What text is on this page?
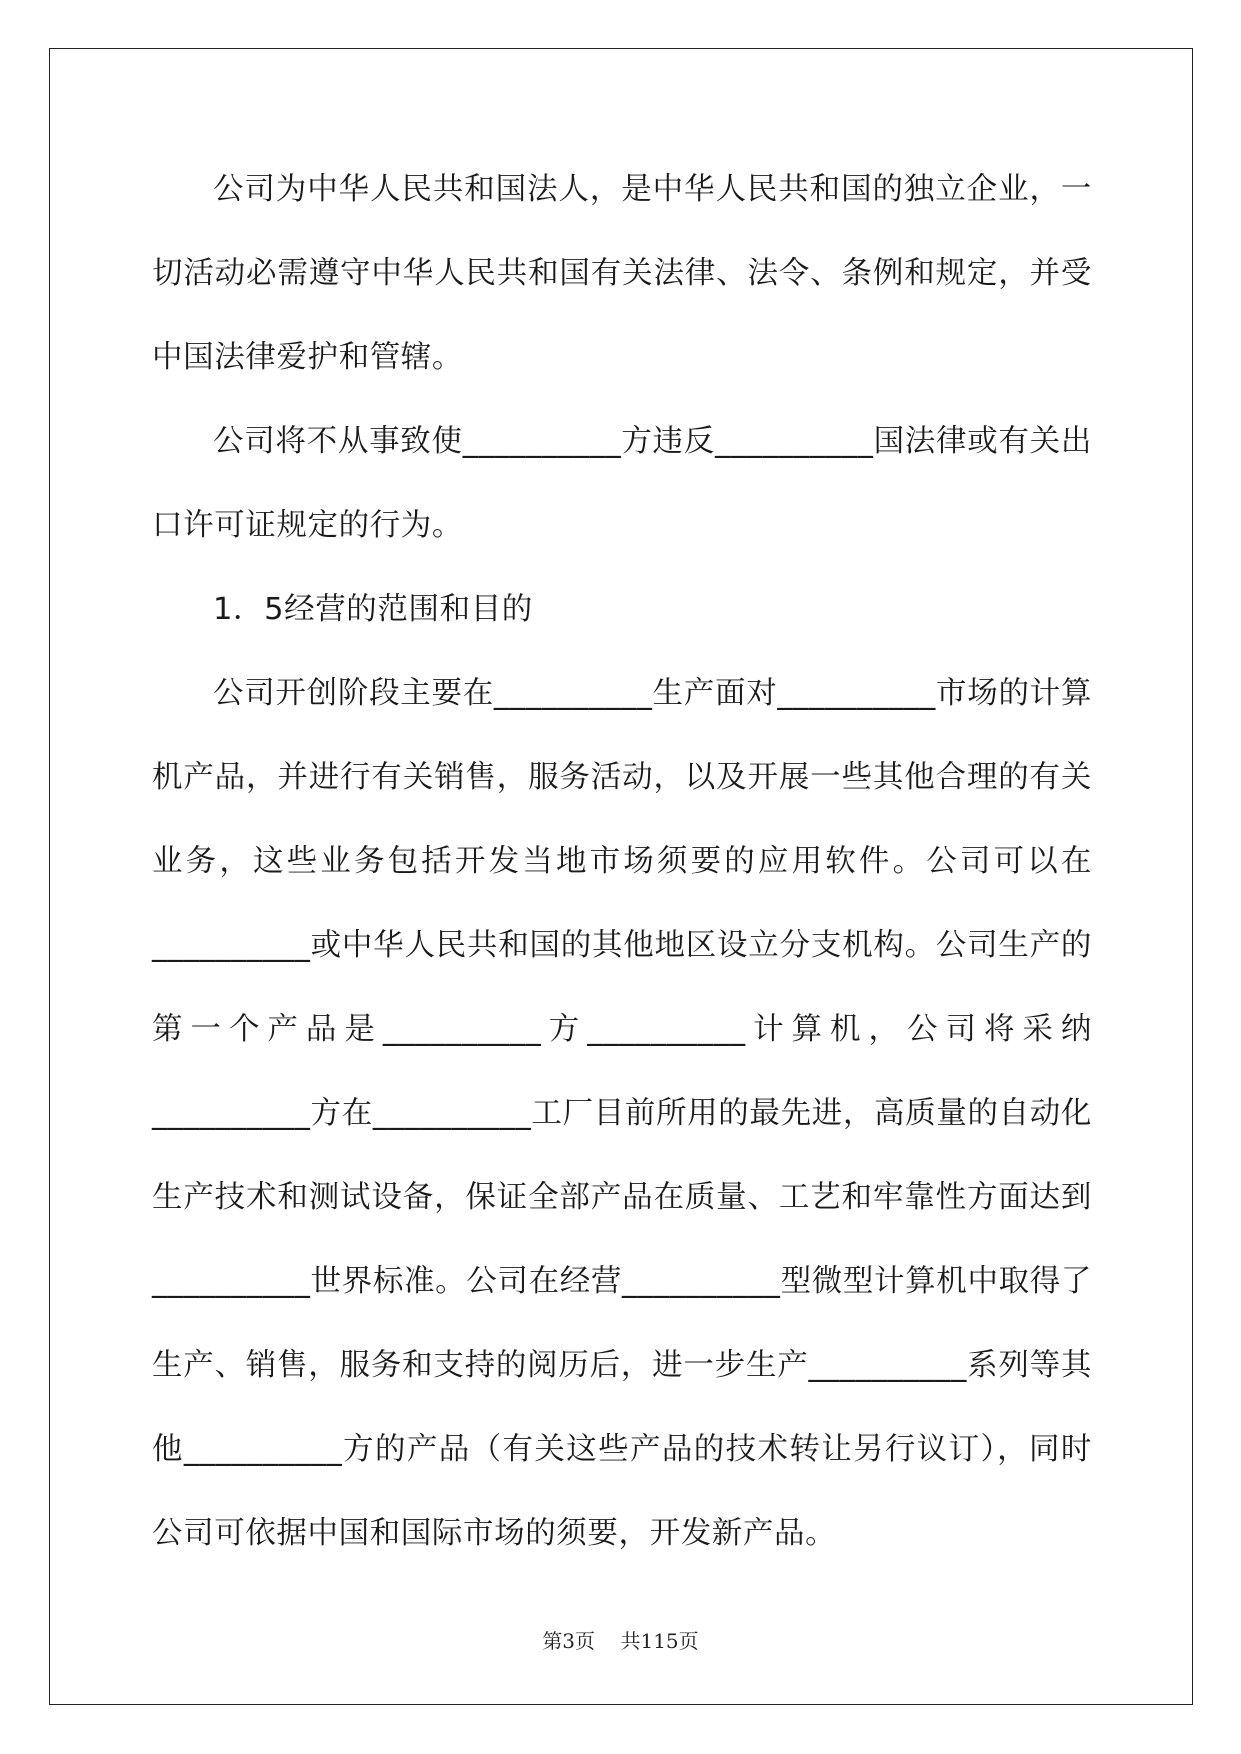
公司为中华人民共和国法人，是中华人民共和国的独立企业，一切活动必需遵守中华人民共和国有关法律、法令、条例和规定，并受中国法律爱护和管辖。

公司将不从事致使__________方违反__________国法律或有关出口许可证规定的行为。

1．5经营的范围和目的

公司开创阶段主要在__________生产面对__________市场的计算机产品，并进行有关销售，服务活动，以及开展一些其他合理的有关业务，这些业务包括开发当地市场须要的应用软件。公司可以在__________或中华人民共和国的其他地区设立分支机构。公司生产的第一个产品是__________方__________计算机，公司将采纳__________方在__________工厂目前所用的最先进，高质量的自动化生产技术和测试设备，保证全部产品在质量、工艺和牢靠性方面达到__________世界标准。公司在经营__________型微型计算机中取得了生产、销售，服务和支持的阅历后，进一步生产__________系列等其他__________方的产品（有关这些产品的技术转让另行议订），同时公司可依据中国和国际市场的须要，开发新产品。

第3页 共115页
